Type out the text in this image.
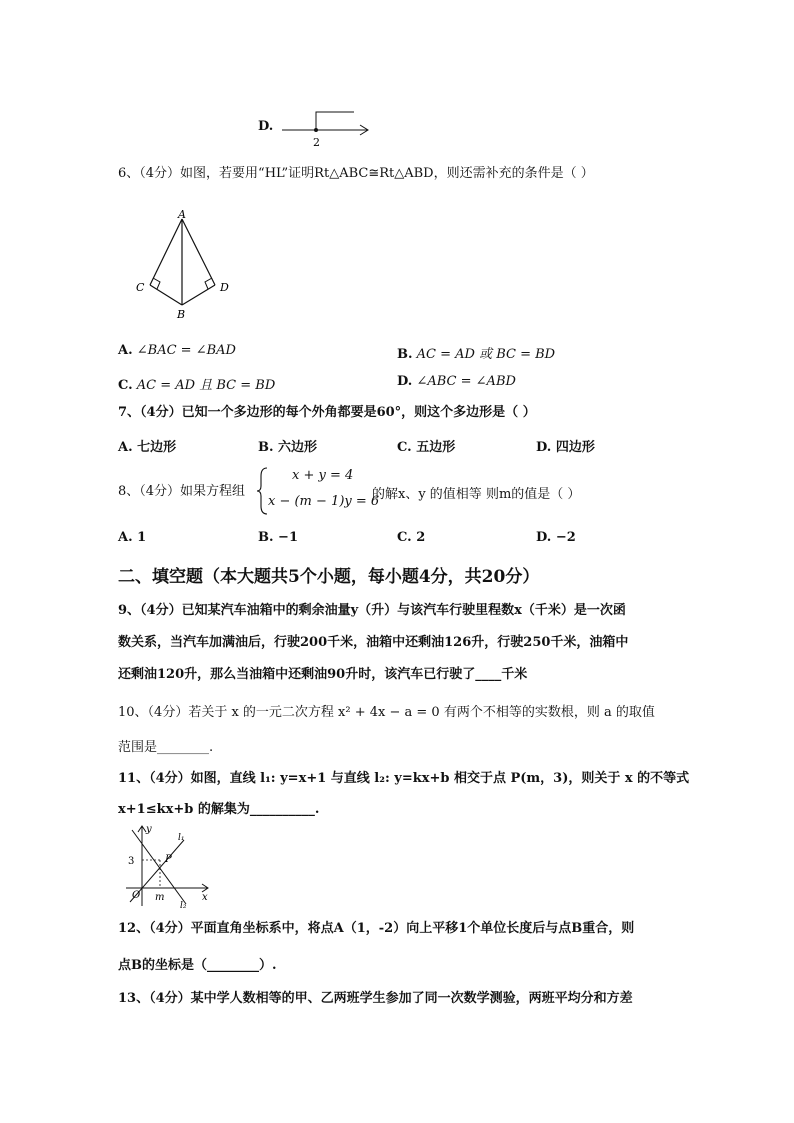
D.
2
6、（4分）如图，若要用“HL”证明Rt△ABC≅Rt△ABD，则还需补充的条件是（ ）
A
B
C	D
A. ∠BAC = ∠BAD	B. AC = AD 或 BC = BD
C. AC = AD 且 BC = BD	D. ∠ABC = ∠ABD
7、（4分）已知一个多边形的每个外角都要是60°，则这个多边形是（ ）
A. 七边形	B. 六边形	C. 五边形	D. 四边形
8、（4分）如果方程组
x + y = 4
x − (m − 1)y = 6
的解x、y 的值相等 则m的值是（ ）
A. 1	B. −1	C. 2	D. −2
二、填空题（本大题共5个小题，每小题4分，共20分）
9、（4分）已知某汽车油箱中的剩余油量y（升）与该汽车行驶里程数x（千米）是一次函
数关系，当汽车加满油后，行驶200千米，油箱中还剩油126升，行驶250千米，油箱中
还剩油120升，那么当油箱中还剩油90升时，该汽车已行驶了____千米
10、（4分）若关于 x 的一元二次方程 x² + 4x − a = 0 有两个不相等的实数根，则 a 的取值
范围是________.
11、（4分）如图，直线 l₁: y=x+1 与直线 l₂: y=kx+b 相交于点 P(m，3)，则关于 x 的不等式
x+1≤kx+b 的解集为__________.
y
x
O
3	P
m
l₁
l₂
12、（4分）平面直角坐标系中，将点A（1，-2）向上平移1个单位长度后与点B重合，则
点B的坐标是（________）.
13、（4分）某中学人数相等的甲、乙两班学生参加了同一次数学测验，两班平均分和方差
